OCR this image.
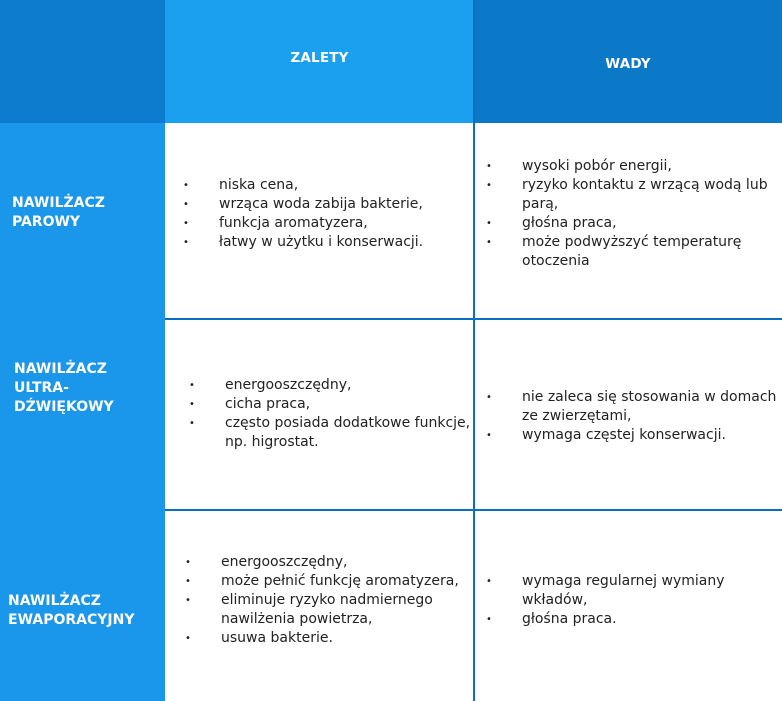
ZALETY	WADY
NAWILŻACZ
PAROWY
• niska cena,
• wrząca woda zabija bakterie,
• funkcja aromatyzera,
• łatwy w użytku i konserwacji.
• wysoki pobór energii,
• ryzyko kontaktu z wrzącą wodą lub parą,
• głośna praca,
• może podwyższyć temperaturę otoczenia
NAWILŻACZ
ULTRA-
DŹWIĘKOWY
• energooszczędny,
• cicha praca,
• często posiada dodatkowe funkcje, np. higrostat.
• nie zaleca się stosowania w domach ze zwierzętami,
• wymaga częstej konserwacji.
NAWILŻACZ
EWAPORACYJNY
• energooszczędny,
• może pełnić funkcję aromatyzera,
• eliminuje ryzyko nadmiernego nawilżenia powietrza,
• usuwa bakterie.
• wymaga regularnej wymiany wkładów,
• głośna praca.
